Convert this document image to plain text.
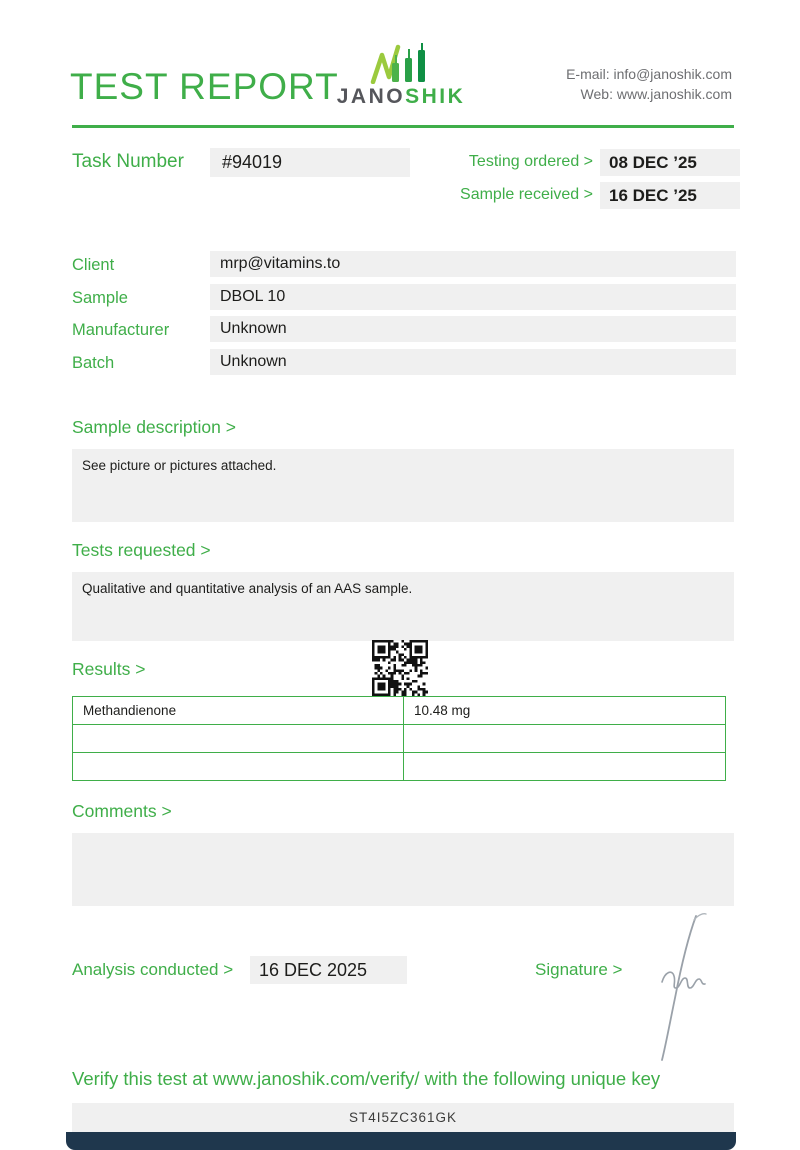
TEST REPORT
JANOSHIK
E-mail: info@janoshik.com
Web: www.janoshik.com
Task Number	#94019	Testing ordered > 08 DEC ’25
Sample received > 16 DEC ’25
Client	mrp@vitamins.to
Sample	DBOL 10
Manufacturer	Unknown
Batch	Unknown
Sample description >
See picture or pictures attached.
Tests requested >
Qualitative and quantitative analysis of an AAS sample.
Results >
Methandienone	10.48 mg

Comments >
Analysis conducted >	16 DEC 2025	Signature >
Verify this test at www.janoshik.com/verify/ with the following unique key
ST4I5ZC361GK
